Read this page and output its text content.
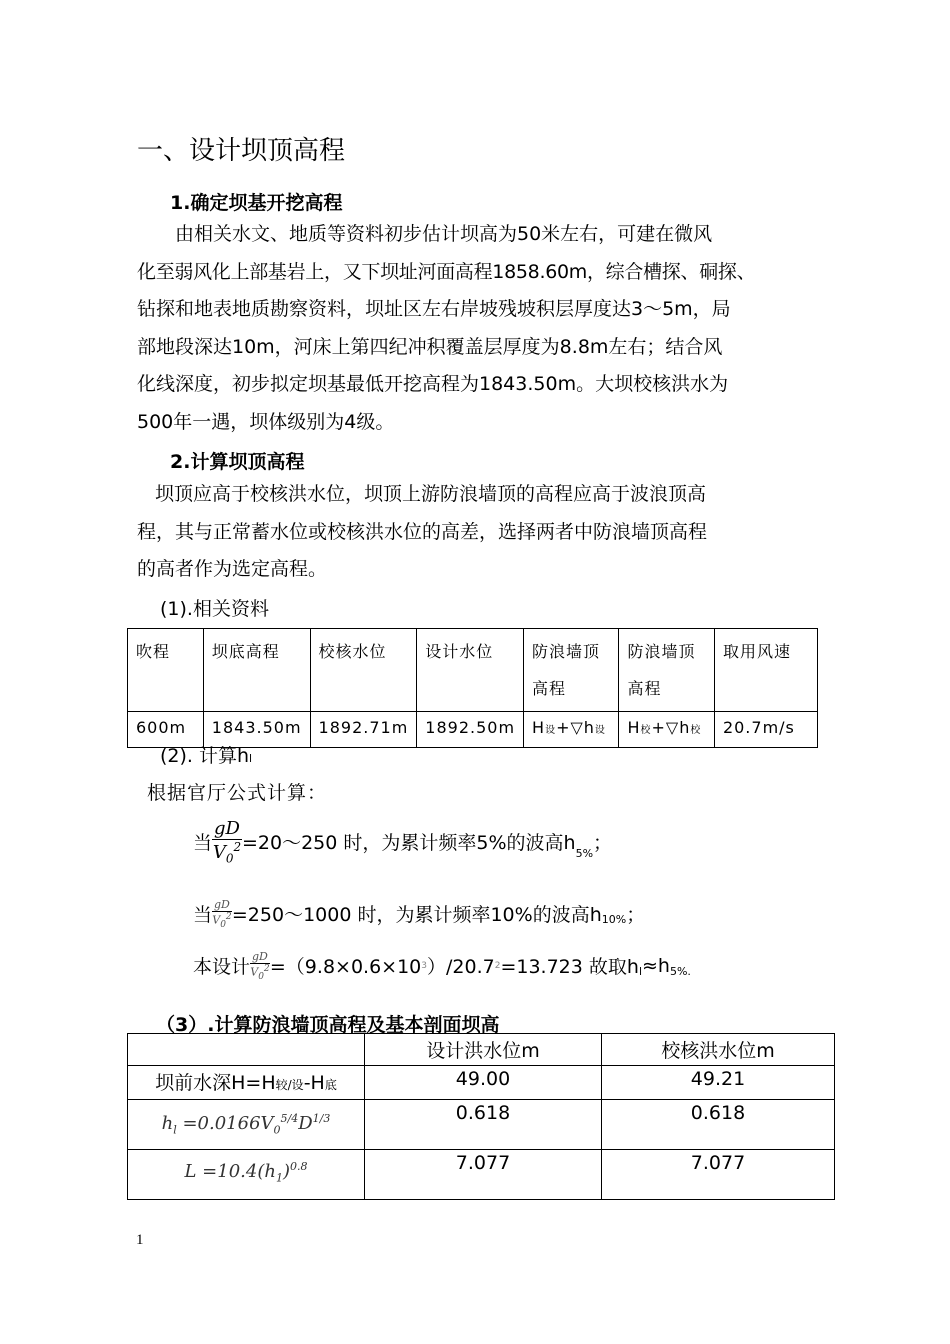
一、设计坝顶高程
1.确定坝基开挖高程

由相关水文、地质等资料初步估计坝高为50米左右，可建在微风

化至弱风化上部基岩上，又下坝址河面高程1858.60m，综合槽探、硐探、

钻探和地表地质勘察资料，坝址区左右岸坡残坡积层厚度达3～5m，局

部地段深达10m，河床上第四纪冲积覆盖层厚度为8.8m左右；结合风

化线深度，初步拟定坝基最低开挖高程为1843.50m。大坝校核洪水为

500年一遇，坝体级别为4级。

2.计算坝顶高程

坝顶应高于校核洪水位，坝顶上游防浪墙顶的高程应高于波浪顶高

程，其与正常蓄水位或校核洪水位的高差，选择两者中防浪墙顶高程

的高者作为选定高程。

(1).相关资料
吹程	坝底高程	校核水位	设计水位	防浪墙顶高程	防浪墙顶高程	取用风速
600m	1843.50m	1892.71m	1892.50m	H设+▽h设	H校+▽h校	20.7m/s
(2). 计算hl
根据官厅公式计算：
当 $\frac{gD}{V_0^2}$ =20～250 时，为累计频率5%的波高h 5% ；
当 $\frac{gD}{V_0^2}$ =250～1000 时，为累计频率10%的波高h 10% ；
本设计 $\frac{gD}{V_0^2} =(9.8\times 0.6\times 10$ 3 ）/20.7 2 =13.723 故取h l ≈h 5%.
（3）.计算防浪墙顶高程及基本剖面坝高
	设计洪水位m	校核洪水位m
坝前水深H=H较/设-H底	49.00	49.21
$h_l =0.0166V_0^{5/4}D^{1/3}$	0.618	0.618
$L =10.4(h_1)^{0.8}$	7.077	7.077
1
